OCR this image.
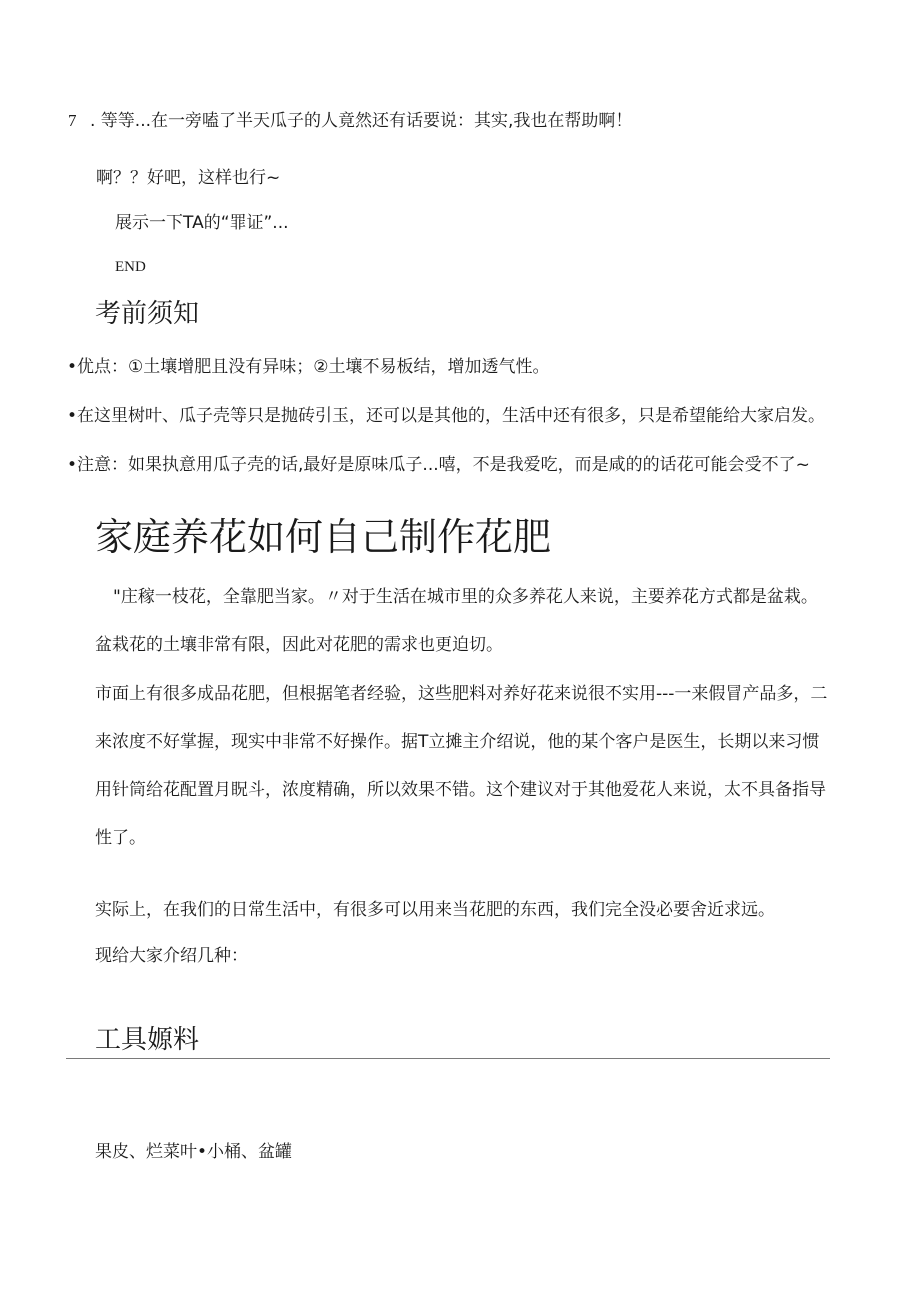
7 . 等等...在一旁嗑了半天瓜子的人竟然还有话要说：其实,我也在帮助啊！
啊？？好吧，这样也行~
展示一下TA的“罪证”...
END
考前须知
•优点：①土壤增肥且没有异味；②土壤不易板结，增加透气性。
•在这里树叶、瓜子壳等只是抛砖引玉，还可以是其他的，生活中还有很多，只是希望能给大家启发。
•注意：如果执意用瓜子壳的话,最好是原味瓜子...嘻，不是我爱吃，而是咸的的话花可能会受不了~
家庭养花如何自己制作花肥
"庄稼一枝花，全靠肥当家。〃对于生活在城市里的众多养花人来说，主要养花方式都是盆栽。
盆栽花的土壤非常有限，因此对花肥的需求也更迫切。
市面上有很多成品花肥，但根据笔者经验，这些肥料对养好花来说很不实用---一来假冒产品多，二
来浓度不好掌握，现实中非常不好操作。据T立摊主介绍说，他的某个客户是医生，长期以来习惯
用针筒给花配置月眖斗，浓度精确，所以效果不错。这个建议对于其他爱花人来说，太不具备指导
性了。
实际上，在我们的日常生活中，有很多可以用来当花肥的东西，我们完全没必要舍近求远。
现给大家介绍几种：
工具嫄料
果皮、烂菜叶•小桶、盆罐
